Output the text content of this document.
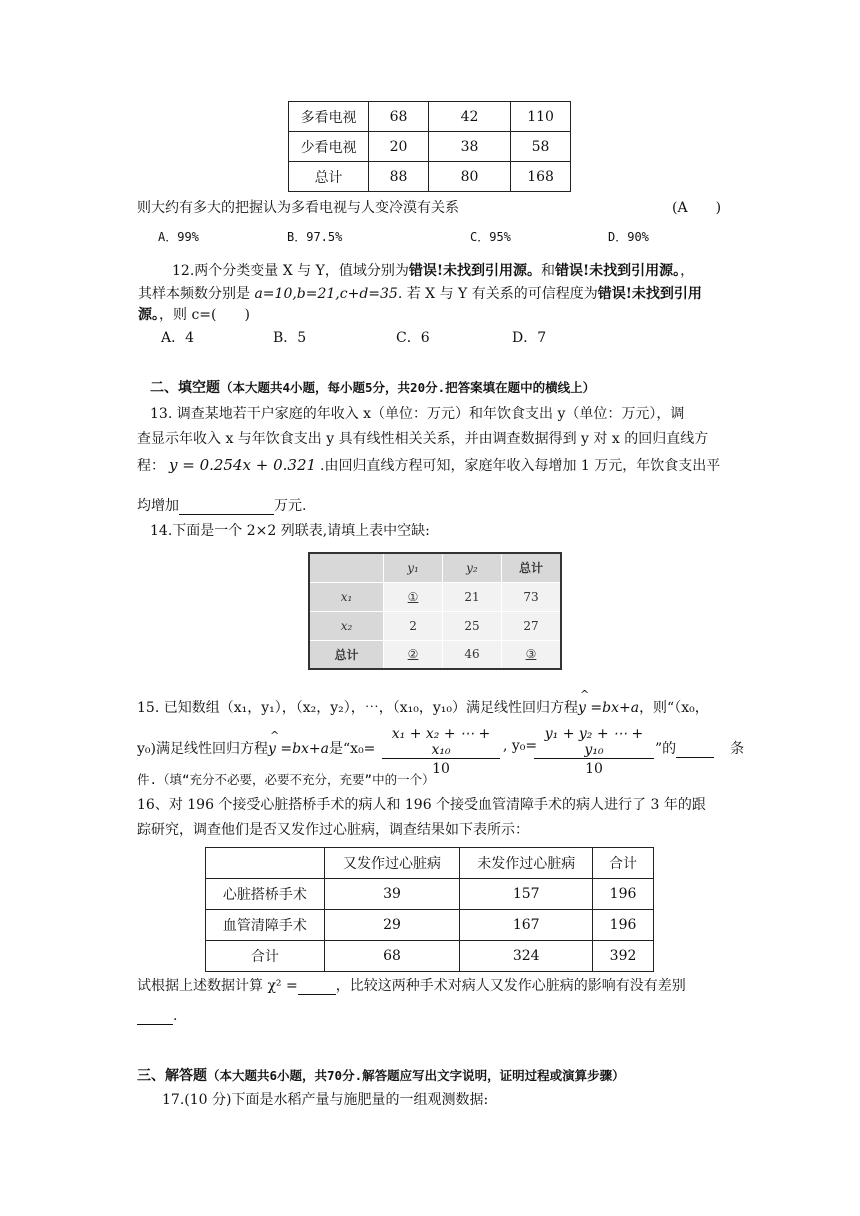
多看电视	68	42	110
少看电视	20	38	58
总计	88	80	168
则大约有多大的把握认为多看电视与人变冷漠有关系	(A　　)
A．99%	B．97.5%	C．95%	D．90%
12.两个分类变量 X 与 Y，值域分别为错误!未找到引用源。和错误!未找到引用源。，
其样本频数分别是 a=10,b=21,c+d=35. 若 X 与 Y 有关系的可信程度为错误!未找到引用
源。，则 c=(　　)
A．4	B．5	C．6	D．7
二、填空题（本大题共4小题，每小题5分，共20分.把答案填在题中的横线上）
13. 调查某地若干户家庭的年收入 x（单位：万元）和年饮食支出 y（单位：万元），调
查显示年收入 x 与年饮食支出 y 具有线性相关关系，并由调查数据得到 y 对 x 的回归直线方
程： y = 0.254x + 0.321 .由回归直线方程可知，家庭年收入每增加 1 万元，年饮食支出平
均增加	万元.
14.下面是一个 2×2 列联表,请填上表中空缺:
	y₁	y₂	总计
x₁	①	21	73
x₂	2	25	27
总计	②	46	③
15. 已知数组（x₁，y₁），（x₂，y₂），⋯，（x₁₀，y₁₀）满足线性回归方程
^
y =bx+a，则“（x₀，
y₀)满足线性回归方程
^
y =bx+a是“$x_0= \frac{\text{x₁ + x₂ + ⋯ + x₁₀}}{10}$ , y₀=
$\frac{\text{y₁ + y₂ + ⋯ + y₁₀}}{10}$ ”的	条
件.（填“充分不必要，必要不充分，充要”中的一个）
16、对 196 个接受心脏搭桥手术的病人和 196 个接受血管清障手术的病人进行了 3 年的跟
踪研究，调查他们是否又发作过心脏病，调查结果如下表所示：
	又发作过心脏病	未发作过心脏病	合计
心脏搭桥手术	39	157	196
血管清障手术	29	167	196
合计	68	324	392
试根据上述数据计算 χ² =	，比较这两种手术对病人又发作心脏病的影响有没有差别
.
三、解答题（本大题共6小题，共70分.解答题应写出文字说明，证明过程或演算步骤）
17.(10 分)下面是水稻产量与施肥量的一组观测数据:
